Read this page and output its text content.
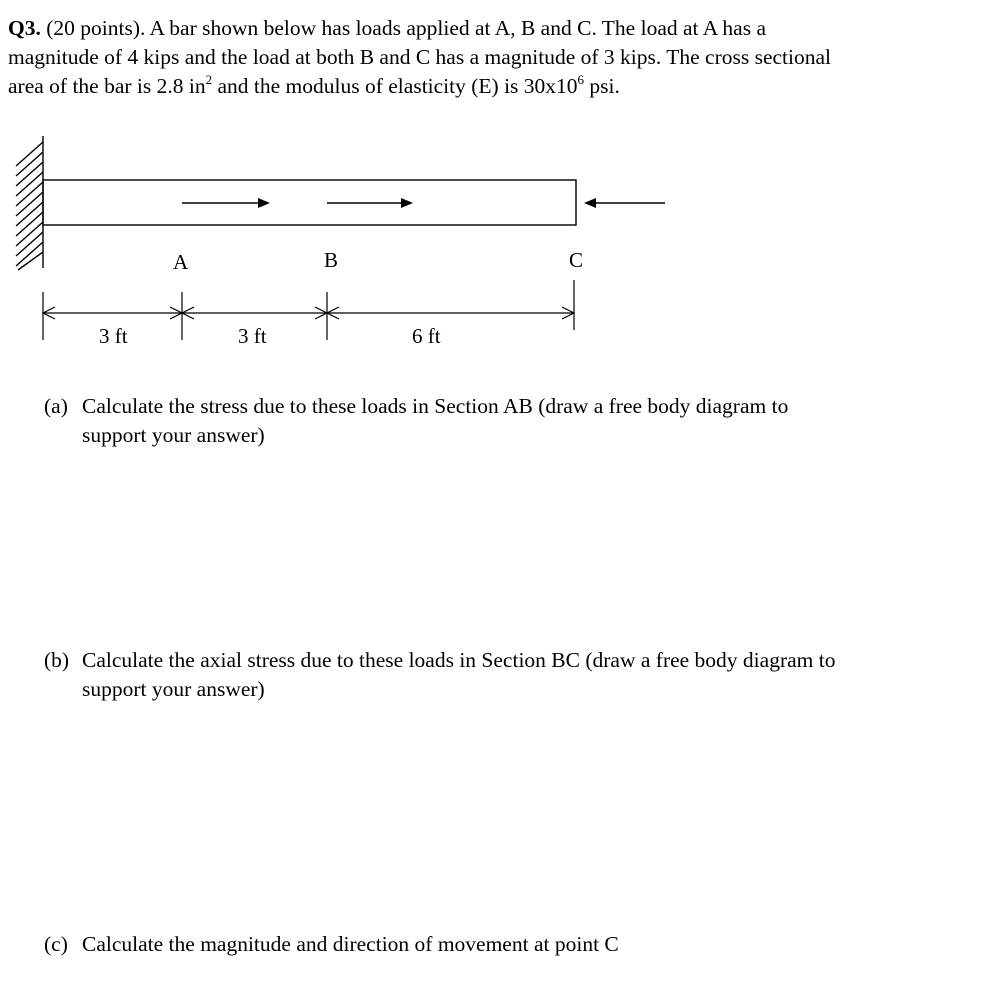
Q3. (20 points). A bar shown below has loads applied at A, B and C. The load at A has a
magnitude of 4 kips and the load at both B and C has a magnitude of 3 kips. The cross sectional
area of the bar is 2.8 $in^2$ and the modulus of elasticity (E) is $30x10^6$ psi.
A	B	C
3 ft	3 ft	6 ft
(a) Calculate the stress due to these loads in Section AB (draw a free body diagram to
support your answer)
(b) Calculate the axial stress due to these loads in Section BC (draw a free body diagram to
support your answer)
(c) Calculate the magnitude and direction of movement at point C
